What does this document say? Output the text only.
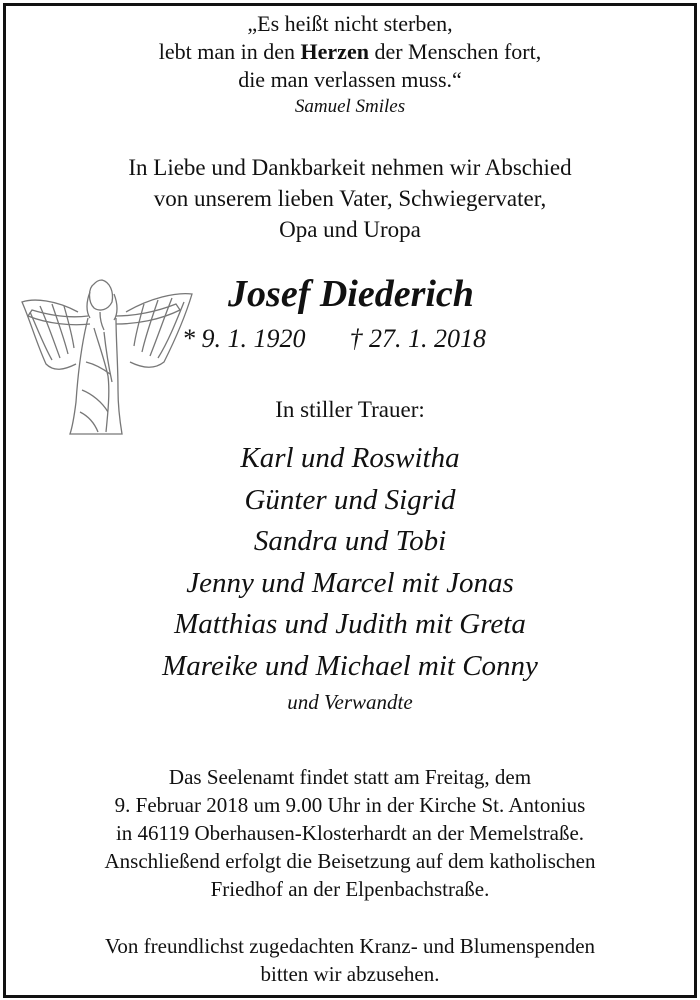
„Es heißt nicht sterben,
lebt man in den Herzen der Menschen fort,
die man verlassen muss.“
Samuel Smiles
In Liebe und Dankbarkeit nehmen wir Abschied
von unserem lieben Vater, Schwiegervater,
Opa und Uropa
Josef Diederich
* 9. 1. 1920 † 27. 1. 2018
In stiller Trauer:
Karl und Roswitha
Günter und Sigrid
Sandra und Tobi
Jenny und Marcel mit Jonas
Matthias und Judith mit Greta
Mareike und Michael mit Conny
und Verwandte
Das Seelenamt findet statt am Freitag, dem
9. Februar 2018 um 9.00 Uhr in der Kirche St. Antonius
in 46119 Oberhausen-Klosterhardt an der Memelstraße.
Anschließend erfolgt die Beisetzung auf dem katholischen
Friedhof an der Elpenbachstraße.
Von freundlichst zugedachten Kranz- und Blumenspenden
bitten wir abzusehen.
